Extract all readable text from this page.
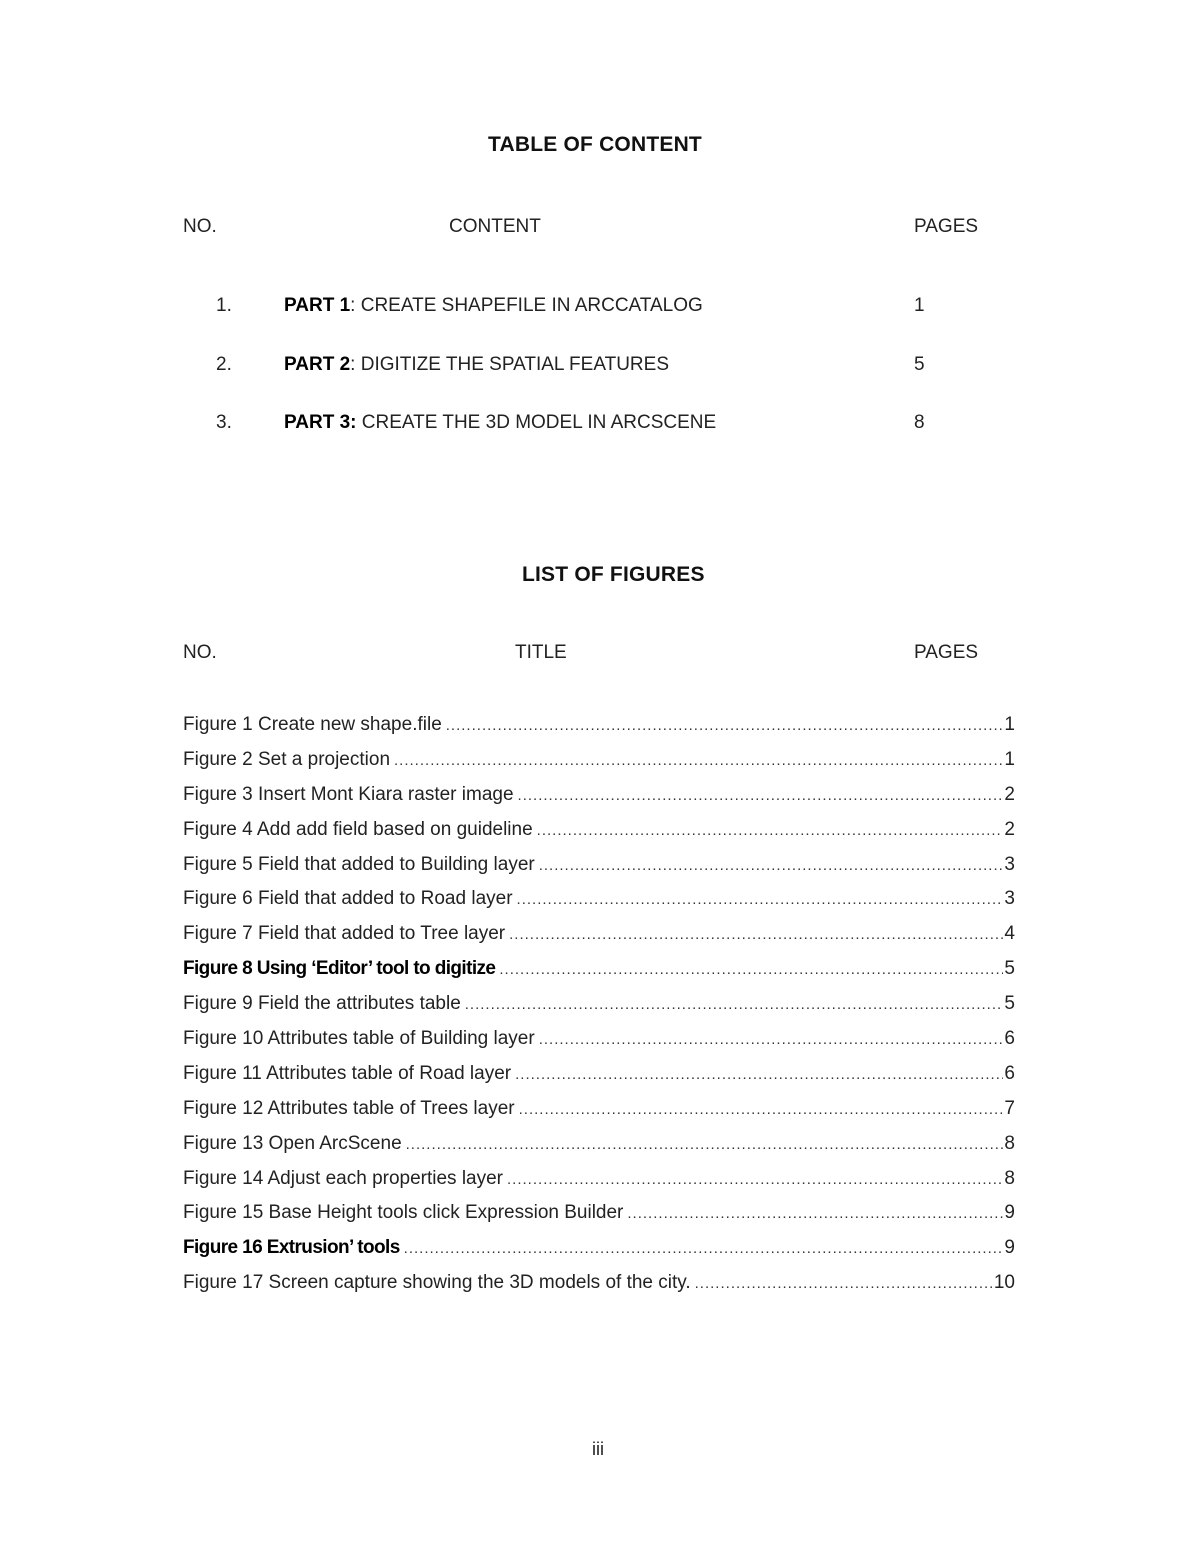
TABLE OF CONTENT
NO.	CONTENT	PAGES
1.	PART 1: CREATE SHAPEFILE IN ARCCATALOG	1
2.	PART 2: DIGITIZE THE SPATIAL FEATURES	5
3.	PART 3: CREATE THE 3D MODEL IN ARCSCENE	8
LIST OF FIGURES
NO.	TITLE	PAGES
Figure 1 Create new shape.file .....	1
Figure 2 Set a projection .....	1
Figure 3 Insert Mont Kiara raster image .....	2
Figure 4 Add add field based on guideline .....	2
Figure 5 Field that added to Building layer .....	3
Figure 6 Field that added to Road layer .....	3
Figure 7 Field that added to Tree layer .....	4
Figure 8 Using ‘Editor’ tool to digitize .....	5
Figure 9 Field the attributes table .....	5
Figure 10 Attributes table of Building layer .....	6
Figure 11 Attributes table of Road layer .....	6
Figure 12 Attributes table of Trees layer .....	7
Figure 13 Open ArcScene .....	8
Figure 14 Adjust each properties layer .....	8
Figure 15 Base Height tools click Expression Builder .....	9
Figure 16 Extrusion’ tools .....	9
Figure 17 Screen capture showing the 3D models of the city. .....	10
iii
